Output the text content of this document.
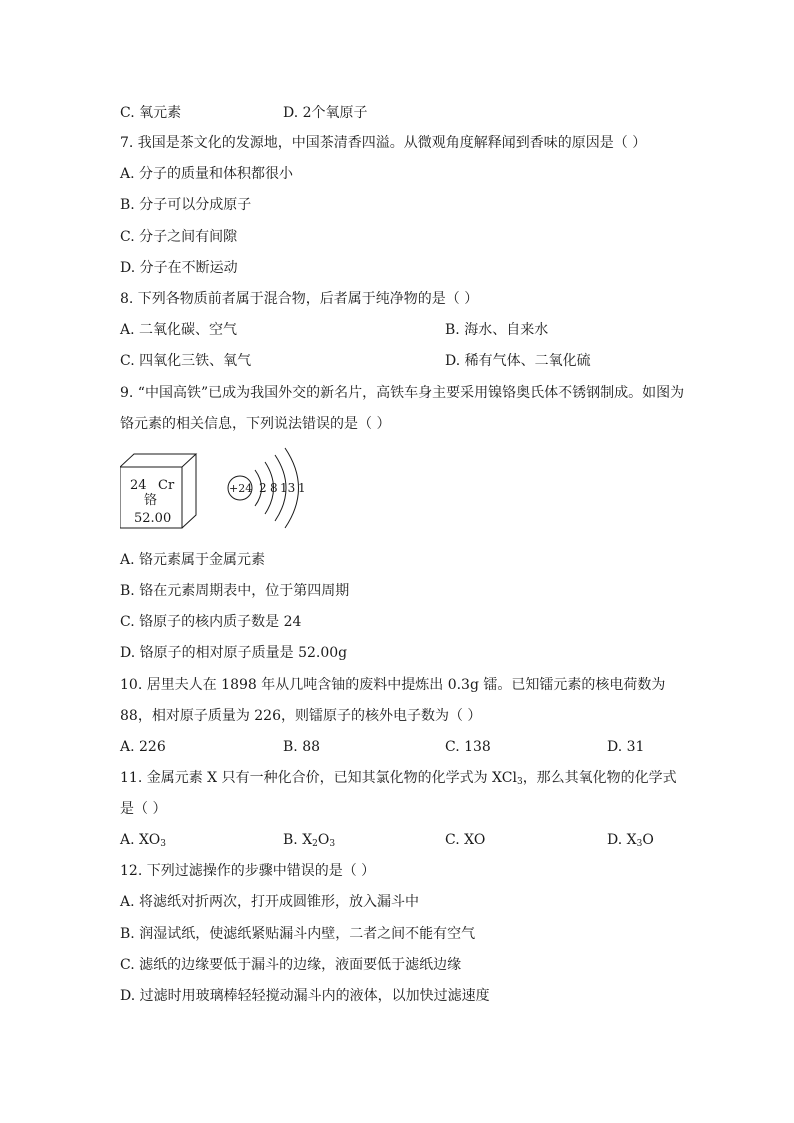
C. 氧元素	D. 2个氧原子
7. 我国是茶文化的发源地，中国茶清香四溢。从微观角度解释闻到香味的原因是（ ）
A. 分子的质量和体积都很小
B. 分子可以分成原子
C. 分子之间有间隙
D. 分子在不断运动
8. 下列各物质前者属于混合物，后者属于纯净物的是（ ）
A. 二氧化碳、空气	B. 海水、自来水
C. 四氧化三铁、氧气	D. 稀有气体、二氧化硫
9. “中国高铁”已成为我国外交的新名片，高铁车身主要采用镍铬奥氏体不锈钢制成。如图为
铬元素的相关信息，下列说法错误的是（ ）
24 Cr
铬
52.00
+24 2 8 13 1
A. 铬元素属于金属元素
B. 铬在元素周期表中，位于第四周期
C. 铬原子的核内质子数是 24
D. 铬原子的相对原子质量是 52.00g
10. 居里夫人在 1898 年从几吨含铀的废料中提炼出 0.3g 镭。已知镭元素的核电荷数为
88，相对原子质量为 226，则镭原子的核外电子数为（ ）
A. 226	B. 88	C. 138	D. 31
11. 金属元素 X 只有一种化合价，已知其氯化物的化学式为 XCl$_3$，那么其氧化物的化学式
是（ ）
A. $XO_3$	B. $X_2O_3$	C. XO	D. $X_3O$
12. 下列过滤操作的步骤中错误的是（ ）
A. 将滤纸对折两次，打开成圆锥形，放入漏斗中
B. 润湿试纸，使滤纸紧贴漏斗内壁，二者之间不能有空气
C. 滤纸的边缘要低于漏斗的边缘，液面要低于滤纸边缘
D. 过滤时用玻璃棒轻轻搅动漏斗内的液体，以加快过滤速度
